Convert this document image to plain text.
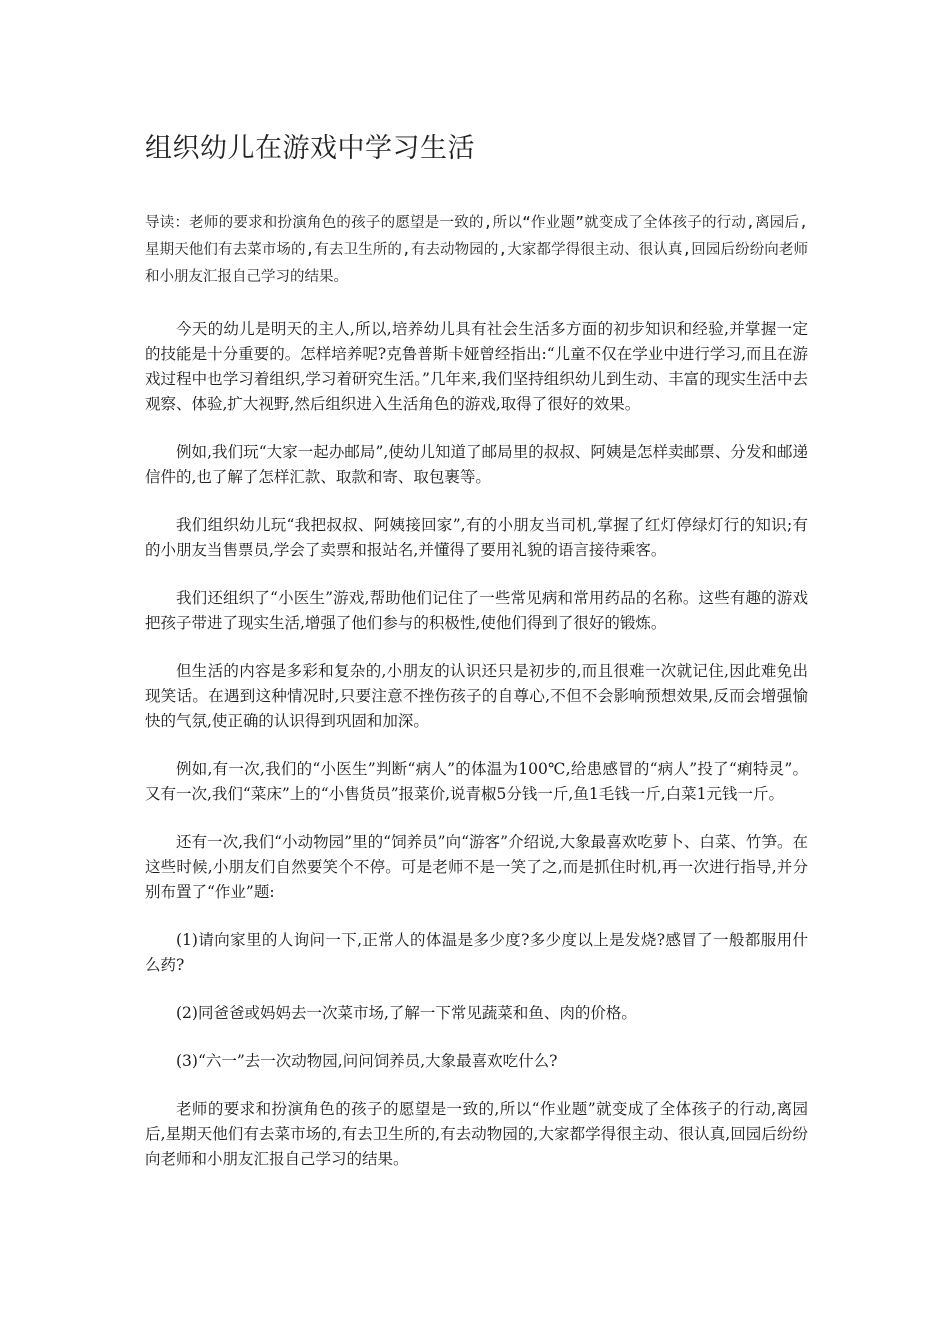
组织幼儿在游戏中学习生活

导读：老师的要求和扮演角色的孩子的愿望是一致的,所以“作业题”就变成了全体孩子的行动,离园后,星期天他们有去菜市场的,有去卫生所的,有去动物园的,大家都学得很主动、很认真,回园后纷纷向老师和小朋友汇报自己学习的结果。

今天的幼儿是明天的主人,所以,培养幼儿具有社会生活多方面的初步知识和经验,并掌握一定的技能是十分重要的。怎样培养呢?克鲁普斯卡娅曾经指出:“儿童不仅在学业中进行学习,而且在游戏过程中也学习着组织,学习着研究生活。”几年来,我们坚持组织幼儿到生动、丰富的现实生活中去观察、体验,扩大视野,然后组织进入生活角色的游戏,取得了很好的效果。

例如,我们玩“大家一起办邮局”,使幼儿知道了邮局里的叔叔、阿姨是怎样卖邮票、分发和邮递信件的,也了解了怎样汇款、取款和寄、取包裹等。

我们组织幼儿玩“我把叔叔、阿姨接回家”,有的小朋友当司机,掌握了红灯停绿灯行的知识;有的小朋友当售票员,学会了卖票和报站名,并懂得了要用礼貌的语言接待乘客。

我们还组织了“小医生”游戏,帮助他们记住了一些常见病和常用药品的名称。这些有趣的游戏把孩子带进了现实生活,增强了他们参与的积极性,使他们得到了很好的锻炼。

但生活的内容是多彩和复杂的,小朋友的认识还只是初步的,而且很难一次就记住,因此难免出现笑话。在遇到这种情况时,只要注意不挫伤孩子的自尊心,不但不会影响预想效果,反而会增强愉快的气氛,使正确的认识得到巩固和加深。

例如,有一次,我们的“小医生”判断“病人”的体温为100℃,给患感冒的“病人”投了“痢特灵”。又有一次,我们“菜床”上的“小售货员”报菜价,说青椒5分钱一斤,鱼1毛钱一斤,白菜1元钱一斤。

还有一次,我们“小动物园”里的“饲养员”向“游客”介绍说,大象最喜欢吃萝卜、白菜、竹笋。在这些时候,小朋友们自然要笑个不停。可是老师不是一笑了之,而是抓住时机,再一次进行指导,并分别布置了“作业”题:

(1)请向家里的人询问一下,正常人的体温是多少度?多少度以上是发烧?感冒了一般都服用什么药?

(2)同爸爸或妈妈去一次菜市场,了解一下常见蔬菜和鱼、肉的价格。

(3)“六一”去一次动物园,问问饲养员,大象最喜欢吃什么?

老师的要求和扮演角色的孩子的愿望是一致的,所以“作业题”就变成了全体孩子的行动,离园后,星期天他们有去菜市场的,有去卫生所的,有去动物园的,大家都学得很主动、很认真,回园后纷纷向老师和小朋友汇报自己学习的结果。
